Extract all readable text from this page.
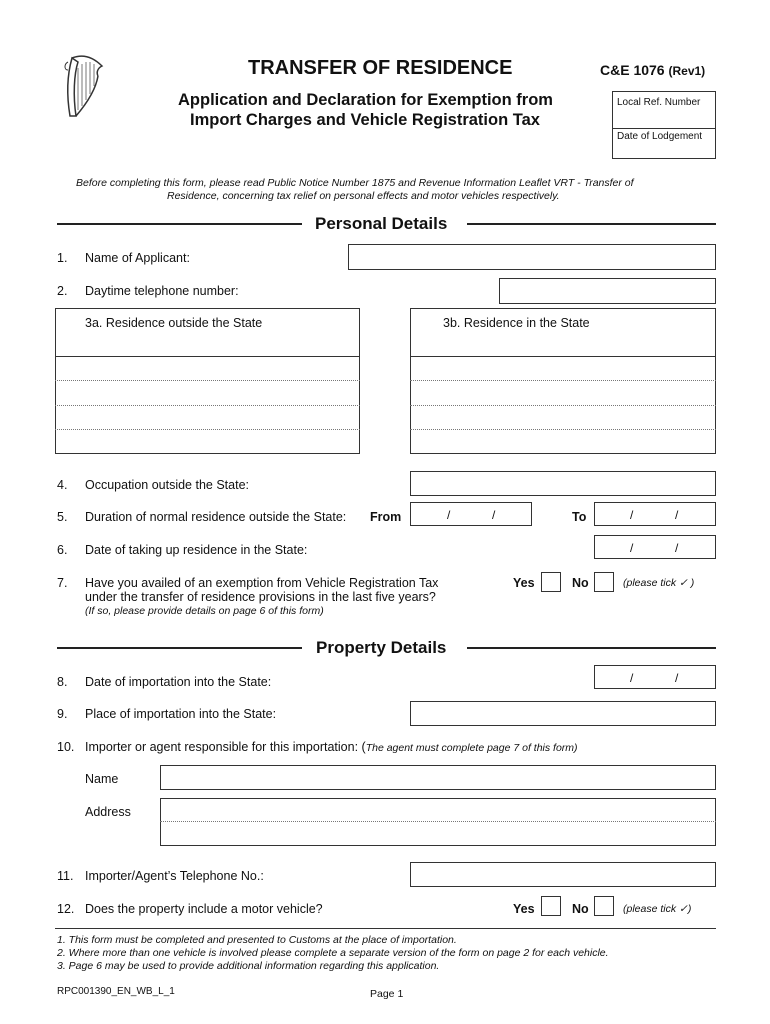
TRANSFER OF RESIDENCE	C&E 1076 (Rev1)
Application and Declaration for Exemption from
Import Charges and Vehicle Registration Tax
Local Ref. Number
Date of Lodgement
Before completing this form, please read Public Notice Number 1875 and Revenue Information Leaflet VRT - Transfer of
Residence, concerning tax relief on personal effects and motor vehicles respectively.
Personal Details
1. Name of Applicant:
2. Daytime telephone number:
3a. Residence outside the State	3b. Residence in the State
4. Occupation outside the State:
5. Duration of normal residence outside the State: From	/	/	To	/	/
6. Date of taking up residence in the State:	/	/
7. Have you availed of an exemption from Vehicle Registration Tax
under the transfer of residence provisions in the last five years?
(If so, please provide details on page 6 of this form)
Yes	No	(please tick ✓ )
Property Details
8. Date of importation into the State:	/	/
9. Place of importation into the State:
10. Importer or agent responsible for this importation: (The agent must complete page 7 of this form)
Name
Address
11. Importer/Agent’s Telephone No.:
12. Does the property include a motor vehicle?	Yes	No	(please tick ✓)
1. This form must be completed and presented to Customs at the place of importation.
2. Where more than one vehicle is involved please complete a separate version of the form on page 2 for each vehicle.
3. Page 6 may be used to provide additional information regarding this application.
RPC001390_EN_WB_L_1	Page 1
